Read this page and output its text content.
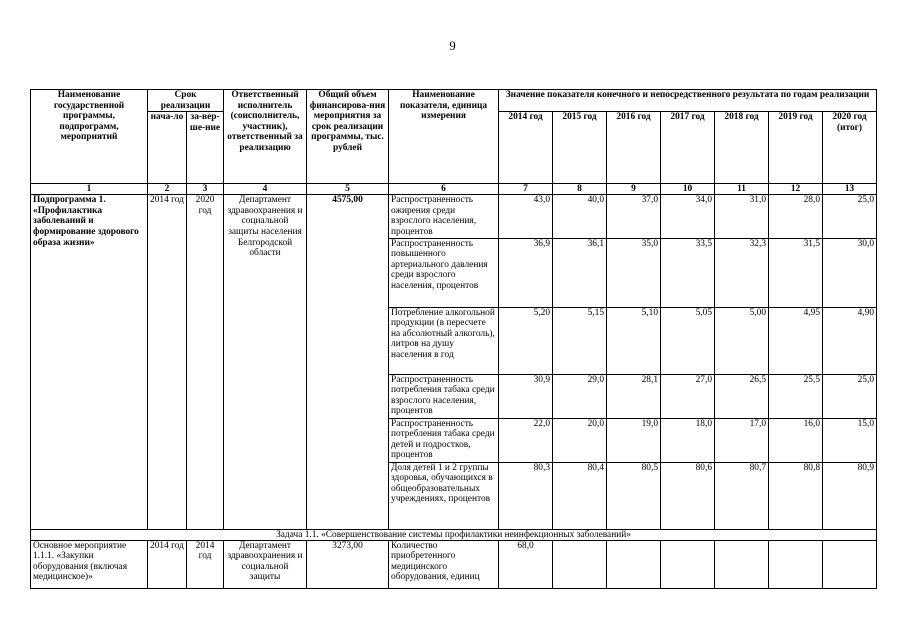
9
Наименование государственной программы, подпрограмм, мероприятий	Срок реализации		Ответственный исполнитель (соисполнитель, участник), ответственный за реализацию	Общий объем финансирова-ния мероприятия за срок реализации программы, тыс. рублей	Наименование показателя, единица измерения	Значение показателя конечного и непосредственного результата по годам реализации						
	нача-ло	за-вер-ше-ние				2014 год	2015 год	2016 год	2017 год	2018 год	2019 год	2020 год (итог)
1	2	3	4	5	6	7	8	9	10	11	12	13
Подпрограмма 1. «Профилактика заболеваний и формирование здорового образа жизни»	2014 год	2020 год	Департамент здравоохранения и социальной защиты населения Белгородской области	4575,00	Распространенность ожирения среди взрослого населения, процентов	43,0	40,0	37,0	34,0	31,0	28,0	25,0
					Распространенность повышенного артериального давления среди взрослого населения, процентов	36,9	36,1	35,0	33,5	32,3	31,5	30,0
					Потребление алкогольной продукции (в пересчете на абсолютный алкоголь), литров на душу населения в год	5,20	5,15	5,10	5,05	5,00	4,95	4,90
					Распространенность потребления табака среди взрослого населения, процентов	30,9	29,0	28,1	27,0	26,5	25,5	25,0
					Распространенность потребления табака среди детей и подростков, процентов	22,0	20,0	19,0	18,0	17,0	16,0	15,0
					Доля детей 1 и 2 группы здоровья, обучающихся в общеобразовательных учреждениях, процентов	80,3	80,4	80,5	80,6	80,7	80,8	80,9
Задача 1.1. «Совершенствование системы профилактики неинфекционных заболеваний»												
Основное мероприятие 1.1.1. «Закупки оборудования (включая медицинское)»	2014 год	2014 год	Департамент здравоохранения и социальной защиты	3273,00	Количество приобретенного медицинского оборудования, единиц	68,0						
